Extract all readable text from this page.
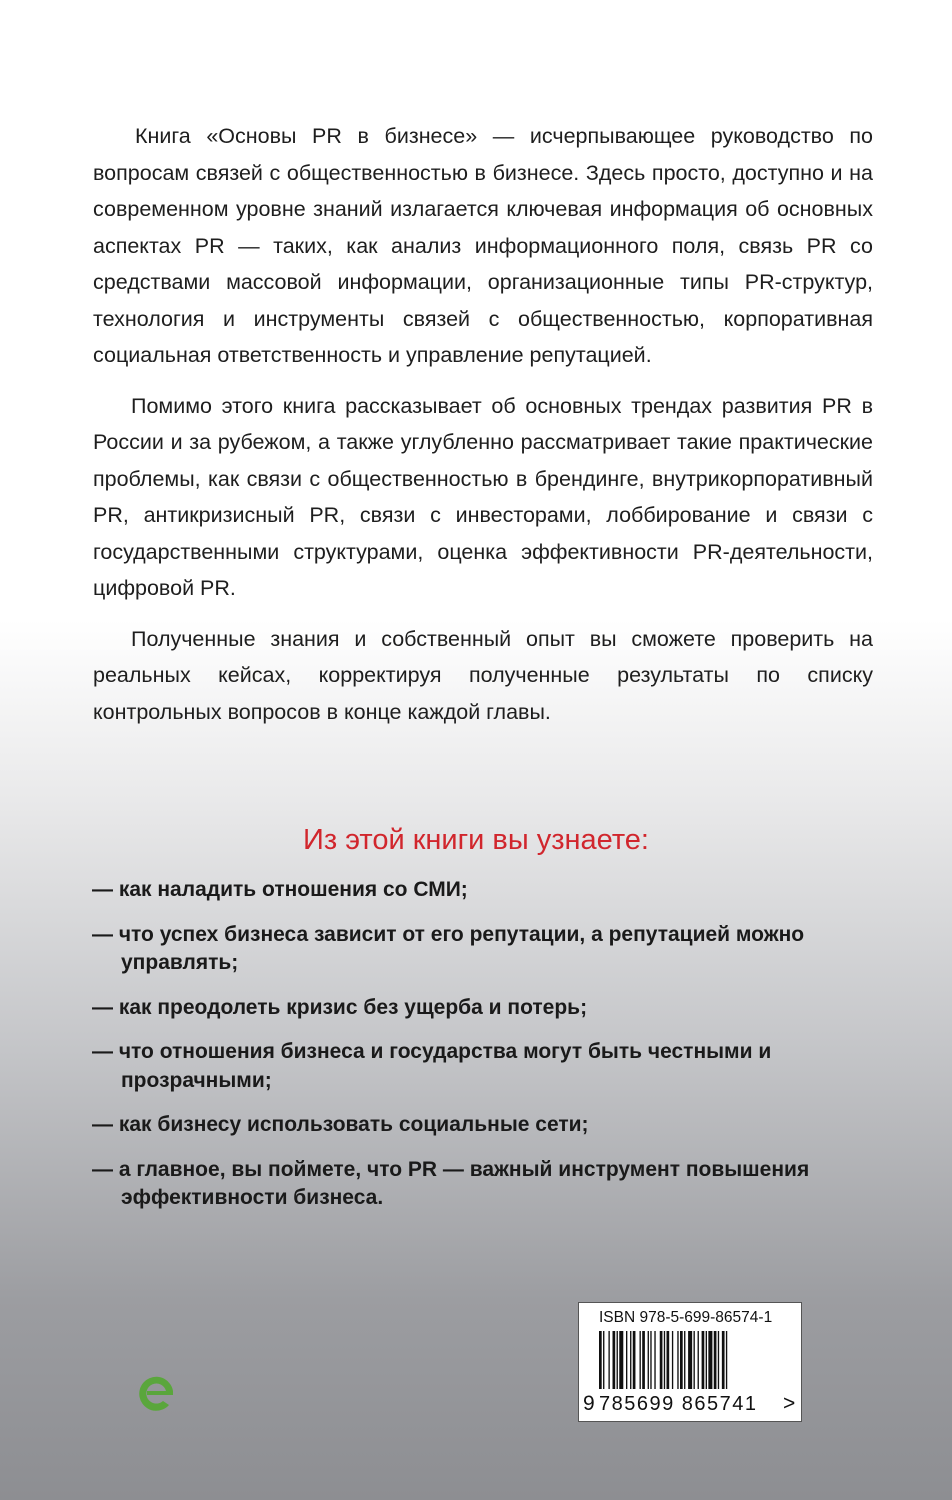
Книга «Основы PR в бизнесе» — исчерпывающее руководство по вопросам связей с общественностью в бизнесе. Здесь просто, доступно и на современном уровне знаний излагается ключевая информация об основных аспектах PR — таких, как анализ информационного поля, связь PR со средствами массовой информации, организационные типы PR-структур, технология и инструменты связей с общественностью, корпоративная социальная ответственность и управление репутацией.

Помимо этого книга рассказывает об основных трендах развития PR в России и за рубежом, а также углубленно рассматривает такие практические проблемы, как связи с общественностью в брендинге, внутрикорпоративный PR, антикризисный PR, связи с инвесторами, лоббирование и связи с государственными структурами, оценка эффективности PR-деятельности, цифровой PR.

Полученные знания и собственный опыт вы сможете проверить на реальных кейсах, корректируя полученные результаты по списку контрольных вопросов в конце каждой главы.

Из этой книги вы узнаете:
— как наладить отношения со СМИ;
— что успех бизнеса зависит от его репутации, а репутацией можно управлять;
— как преодолеть кризис без ущерба и потерь;
— что отношения бизнеса и государства могут быть честными и прозрачными;
— как бизнесу использовать социальные сети;
— а главное, вы поймете, что PR — важный инструмент повышения эффективности бизнеса.
ISBN 978-5-699-86574-1
9 785699 865741	>
